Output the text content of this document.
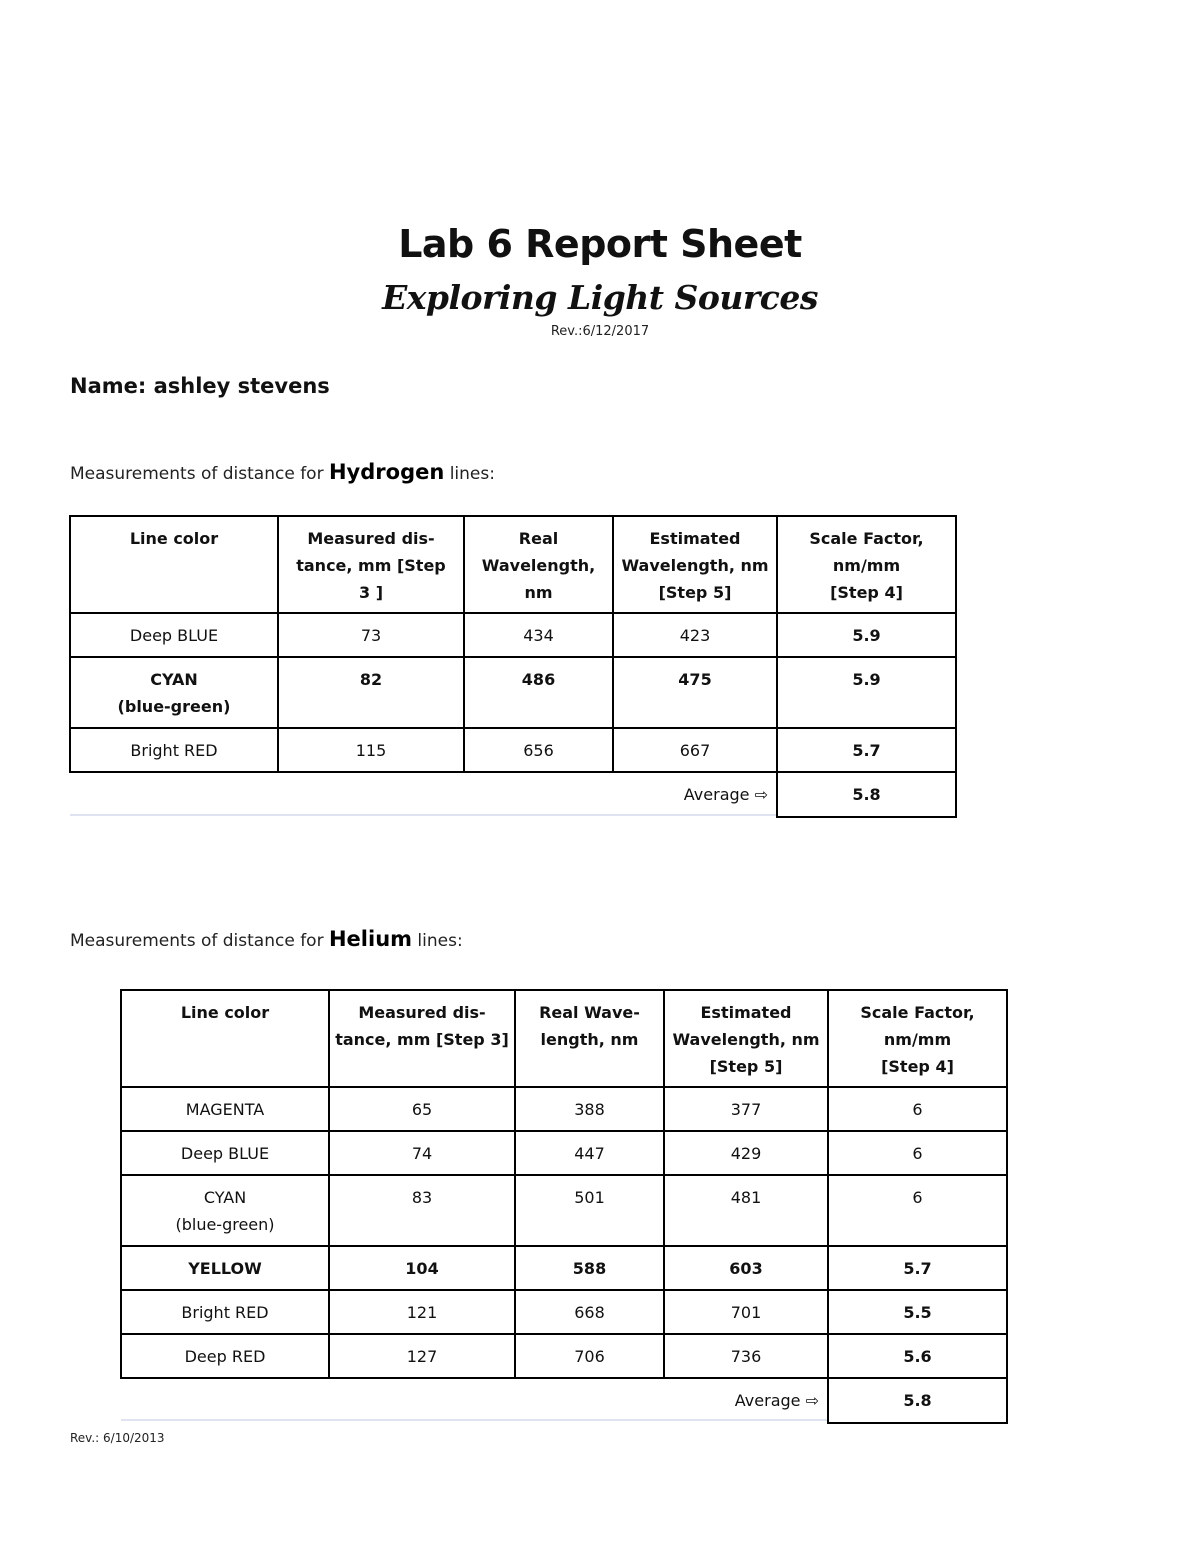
Lab 6 Report Sheet
Exploring Light Sources
Rev.:6/12/2017
Name: ashley stevens
Measurements of distance for Hydrogen lines:
Line color	Measured dis-
tance, mm [Step
3 ]	Real
Wavelength,
nm	Estimated
Wavelength, nm
[Step 5]	Scale Factor,
nm/mm
[Step 4]
Deep BLUE	73	434	423	5.9
CYAN
(blue-green)	82	486	475	5.9
Bright RED	115	656	667	5.7
Average ⇨				5.8
Measurements of distance for Helium lines:
Line color	Measured dis-
tance, mm [Step 3]	Real Wave-
length, nm	Estimated
Wavelength, nm
[Step 5]	Scale Factor,
nm/mm
[Step 4]
MAGENTA	65	388	377	6
Deep BLUE	74	447	429	6
CYAN
(blue-green)	83	501	481	6
YELLOW	104	588	603	5.7
Bright RED	121	668	701	5.5
Deep RED	127	706	736	5.6
Average ⇨				5.8
Rev.: 6/10/2013
